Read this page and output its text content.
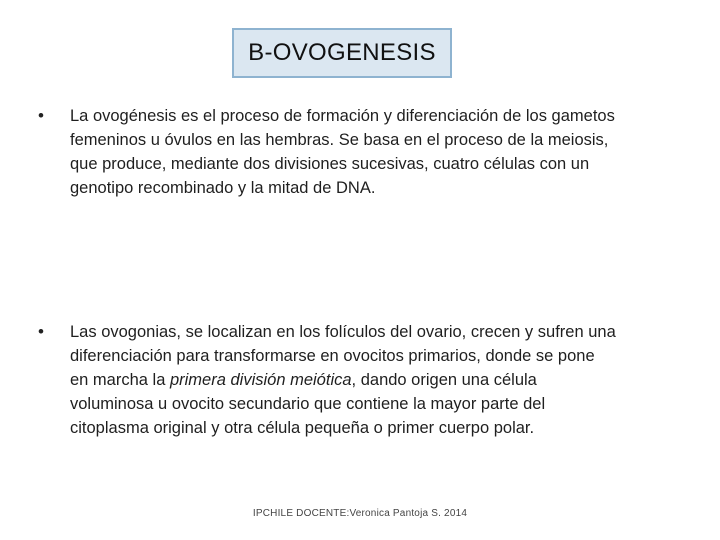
B-OVOGENESIS
• La ovogénesis es el proceso de formación y diferenciación de los gametos
femeninos u óvulos en las hembras. Se basa en el proceso de la meiosis,
que produce, mediante dos divisiones sucesivas, cuatro células con un
genotipo recombinado y la mitad de DNA.
• Las ovogonias, se localizan en los folículos del ovario, crecen y sufren una
diferenciación para transformarse en ovocitos primarios, donde se pone
en marcha la primera división meiótica, dando origen una célula
voluminosa u ovocito secundario que contiene la mayor parte del
citoplasma original y otra célula pequeña o primer cuerpo polar.
IPCHILE DOCENTE:Veronica Pantoja S. 2014
